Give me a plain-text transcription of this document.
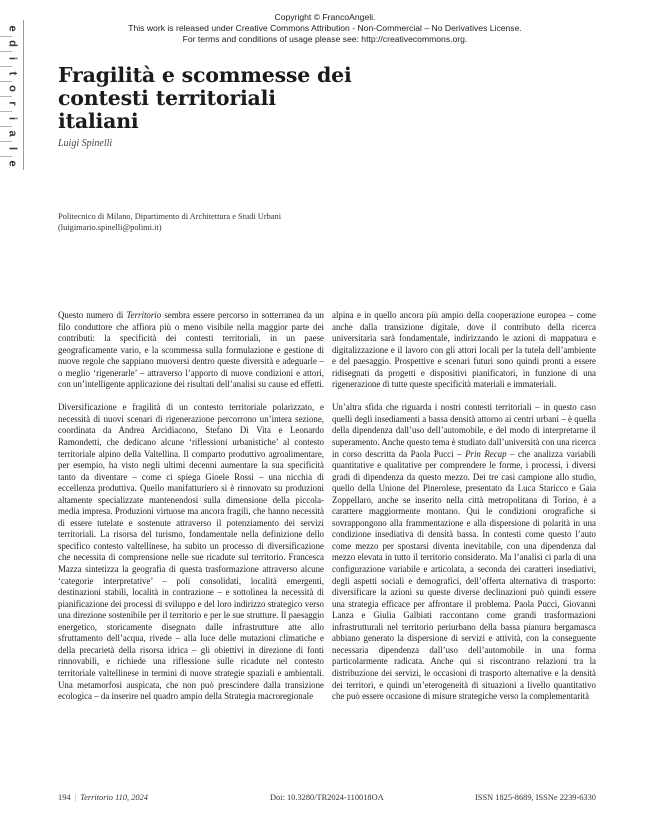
Copyright © FrancoAngeli.
This work is released under Creative Commons Attribution - Non-Commercial – No Derivatives License.
For terms and conditions of usage please see: http://creativecommons.org.
e
d
i
t
o
r
i
a
l
e
Fragilità e scommesse dei contesti territoriali italiani
Luigi Spinelli
Politecnico di Milano, Dipartimento di Architettura e Studi Urbani
(luigimario.spinelli@polimi.it)

Questo numero di Territorio sembra essere percorso in sotterranea da un filo conduttore che affiora più o meno visibile nella maggior parte dei contributi: la specificità dei contesti territoriali, in un paese geograficamente vario, e la scommessa sulla formulazione e gestione di nuove regole che sappiano muoversi dentro queste diversità e adeguarle – o meglio ‘rigenerarle’ – attraverso l’apporto di nuove condizioni e attori, con un’intelligente applicazione dei risultati dell’analisi su cause ed effetti.

Diversificazione e fragilità di un contesto territoriale polarizzato, e necessità di nuovi scenari di rigenerazione percorrono un’intera sezione, coordinata da Andrea Arcidiacono, Stefano Di Vita e Leonardo Ramondetti, che dedicano alcune ‘riflessioni urbanistiche’ al contesto territoriale alpino della Valtellina. Il comparto produttivo agroalimentare, per esempio, ha visto negli ultimi decenni aumentare la sua specificità tanto da diventare – come ci spiega Gioele Rossi – una nicchia di eccellenza produttiva. Quello manifatturiero si è rinnovato su produzioni altamente specializzate mantenendosi sulla dimensione della piccola-media impresa. Produzioni virtuose ma ancora fragili, che hanno necessità di essere tutelate e sostenute attraverso il potenziamento dei servizi territoriali. La risorsa del turismo, fondamentale nella definizione dello specifico contesto valtellinese, ha subito un processo di diversificazione che necessita di comprensione nelle sue ricadute sul territorio. Francesca Mazza sintetizza la geografia di questa trasformazione attraverso alcune ‘categorie interpretative’ – poli consolidati, località emergenti, destinazioni stabili, località in contrazione – e sottolinea la necessità di pianificazione dei processi di sviluppo e del loro indirizzo strategico verso una direzione sostenibile per il territorio e per le sue strutture. Il paesaggio energetico, storicamente disegnato dalle infrastrutture atte allo sfruttamento dell’acqua, rivede – alla luce delle mutazioni climatiche e della precarietà della risorsa idrica – gli obiettivi in direzione di fonti rinnovabili, e richiede una riflessione sulle ricadute nel contesto territoriale valtellinese in termini di nuove strategie spaziali e ambientali. Una metamorfosi auspicata, che non può prescindere dalla transizione ecologica – da inserire nel quadro ampio della Strategia macroregionale

alpina e in quello ancora più ampio della cooperazione europea – come anche dalla transizione digitale, dove il contributo della ricerca universitaria sarà fondamentale, indirizzando le azioni di mappatura e digitalizzazione e il lavoro con gli attori locali per la tutela dell’ambiente e del paesaggio. Prospettive e scenari futuri sono quindi pronti a essere ridisegnati da progetti e dispositivi pianificatori, in funzione di una rigenerazione di tutte queste specificità materiali e immateriali.

Un’altra sfida che riguarda i nostri contesti territoriali – in questo caso quelli degli insediamenti a bassa densità attorno ai centri urbani – è quella della dipendenza dall’uso dell’automobile, e del modo di interpretarne il superamento. Anche questo tema è studiato dall’università con una ricerca in corso descritta da Paola Pucci – Prin Recap – che analizza variabili quantitative e qualitative per comprendere le forme, i processi, i diversi gradi di dipendenza da questo mezzo. Dei tre casi campione allo studio, quello della Unione del Pinerolese, presentato da Luca Staricco e Gaia Zoppellaro, anche se inserito nella città metropolitana di Torino, è a carattere maggiormente montano. Qui le condizioni orografiche si sovrappongono alla frammentazione e alla dispersione di polarità in una condizione insediativa di densità bassa. In contesti come questo l’auto come mezzo per spostarsi diventa inevitabile, con una dipendenza dal mezzo elevata in tutto il territorio considerato. Ma l’analisi ci parla di una configurazione variabile e articolata, a seconda dei caratteri insediativi, degli aspetti sociali e demografici, dell’offerta alternativa di trasporto: diversificare la azioni su queste diverse declinazioni può quindi essere una strategia efficace per affrontare il problema. Paola Pucci, Giovanni Lanza e Giulia Galbiati raccontano come grandi trasformazioni infrastrutturali nel territorio periurbano della bassa pianura bergamasca abbiano generato la dispersione di servizi e attività, con la conseguente necessaria dipendenza dall’uso dell’automobile in una forma particolarmente radicata. Anche qui si riscontrano relazioni tra la distribuzione dei servizi, le occasioni di trasporto alternative e la densità dei territori, e quindi un’eterogeneità di situazioni a livello quantitativo che può essere occasione di misure strategiche verso la complementarità

194 | Territorio 110, 2024	Doi: 10.3280/TR2024-110018OA	ISSN 1825-8689, ISSNe 2239-6330
